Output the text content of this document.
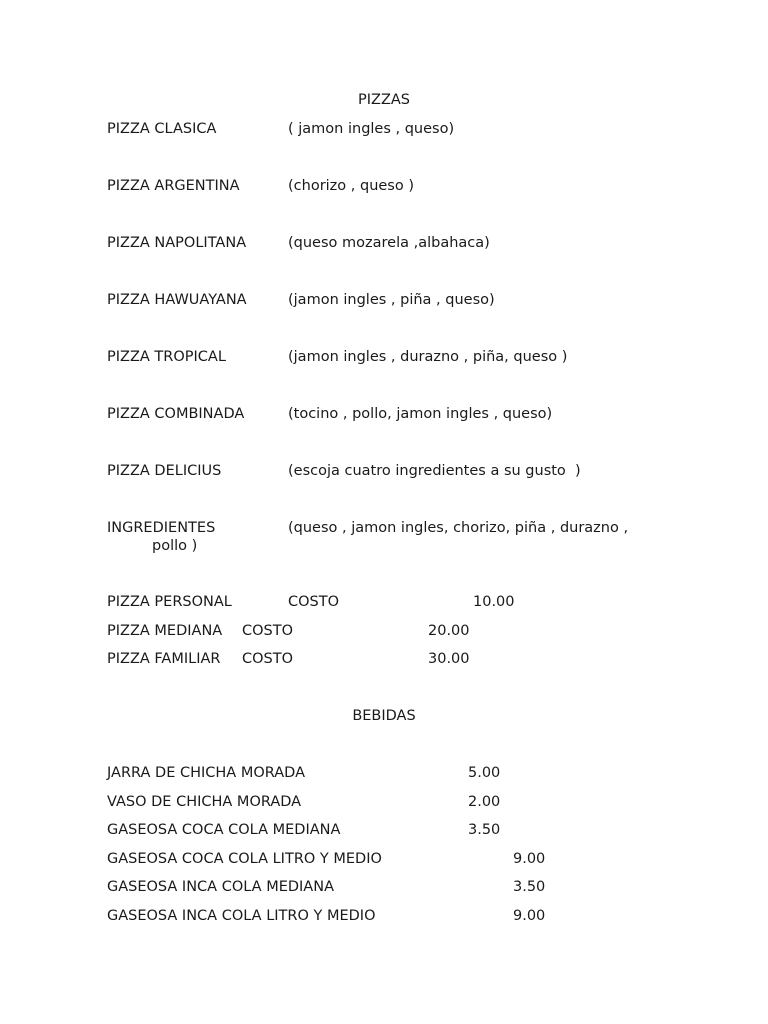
PIZZAS
PIZZA CLASICA	( jamon ingles , queso)
PIZZA ARGENTINA	(chorizo , queso )
PIZZA NAPOLITANA	(queso mozarela ,albahaca)
PIZZA HAWUAYANA	(jamon ingles , piña , queso)
PIZZA TROPICAL	(jamon ingles , durazno , piña, queso )
PIZZA COMBINADA	(tocino , pollo, jamon ingles , queso)
PIZZA DELICIUS	(escoja cuatro ingredientes a su gusto  )
INGREDIENTES	(queso , jamon ingles, chorizo, piña , durazno ,
pollo )
PIZZA PERSONAL	COSTO	10.00
PIZZA MEDIANA COSTO	20.00
PIZZA FAMILIAR COSTO	30.00
BEBIDAS
JARRA DE CHICHA MORADA	5.00
VASO DE CHICHA MORADA	2.00
GASEOSA COCA COLA MEDIANA	3.50
GASEOSA COCA COLA LITRO Y MEDIO	9.00
GASEOSA INCA COLA MEDIANA	3.50
GASEOSA INCA COLA LITRO Y MEDIO	9.00
